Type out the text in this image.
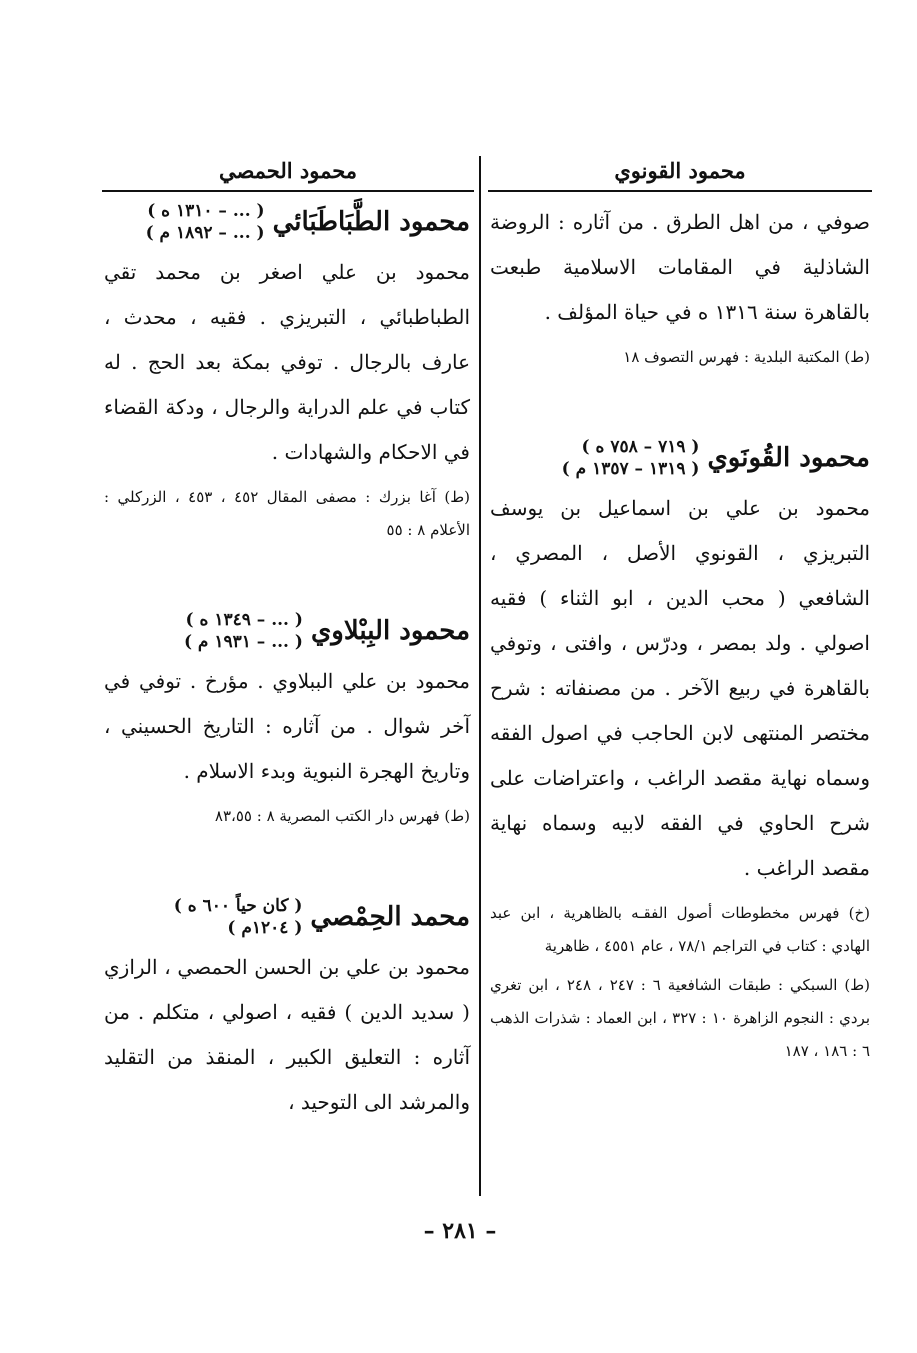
محمود القونوي
محمود الحمصي

صوفي ، من اهل الطرق . من آثاره : الروضة الشاذلية في المقامات الاسلامية طبعت بالقاهرة سنة ١٣١٦ ه في حياة المؤلف .

(ط) المكتبة البلدية : فهرس التصوف ١٨

محمود القُونَوي
( ٧١٩ – ٧٥٨ ه )
( ١٣١٩ – ١٣٥٧ م )

محمود بن علي بن اسماعيل بن يوسف التبريزي ، القونوي الأصل ، المصري ، الشافعي ( محب الدين ، ابو الثناء ) فقيه اصولي . ولد بمصر ، ودرّس ، وافتى ، وتوفي بالقاهرة في ربيع الآخر . من مصنفاته : شرح مختصر المنتهى لابن الحاجب في اصول الفقه وسماه نهاية مقصد الراغب ، واعتراضات على شرح الحاوي في الفقه لابيه وسماه نهاية مقصد الراغب .

(خ) فهرس مخطوطات أصول الفقـه بالظاهرية ، ابن عبد الهادي : كتاب في التراجم ٧٨/١ ، عام ٤٥٥١ ، ظاهرية

(ط) السبكي : طبقات الشافعية ٦ : ٢٤٧ ، ٢٤٨ ، ابن تغري بردي : النجوم الزاهرة ١٠ : ٣٢٧ ، ابن العماد : شذرات الذهب ٦ : ١٨٦ ، ١٨٧

محمود الطَّبَاطَبَائي
( ... – ١٣١٠ ه )
( ... – ١٨٩٢ م )

محمود بن علي اصغر بن محمد تقي الطباطبائي ، التبريزي . فقيه ، محدث ، عارف بالرجال . توفي بمكة بعد الحج . له كتاب في علم الدراية والرجال ، ودكة القضاء في الاحكام والشهادات .

(ط) آغا بزرك : مصفى المقال ٤٥٢ ، ٤٥٣ ، الزركلي : الأعلام ٨ : ٥٥

محمود البِبْلاوي
( ... – ١٣٤٩ ه )
( ... – ١٩٣١ م )

محمود بن علي الببلاوي . مؤرخ . توفي في آخر شوال . من آثاره : التاريخ الحسيني ، وتاريخ الهجرة النبوية وبدء الاسلام .

(ط) فهرس دار الكتب المصرية ٨ : ٨٣،٥٥

محمد الحِمْصي
( كان حياً ٦٠٠ ه )
( ١٢٠٤م )

محمود بن علي بن الحسن الحمصي ، الرازي ( سديد الدين ) فقيه ، اصولي ، متكلم . من آثاره : التعليق الكبير ، المنقذ من التقليد والمرشد الى التوحيد ،

– ٢٨١ –
